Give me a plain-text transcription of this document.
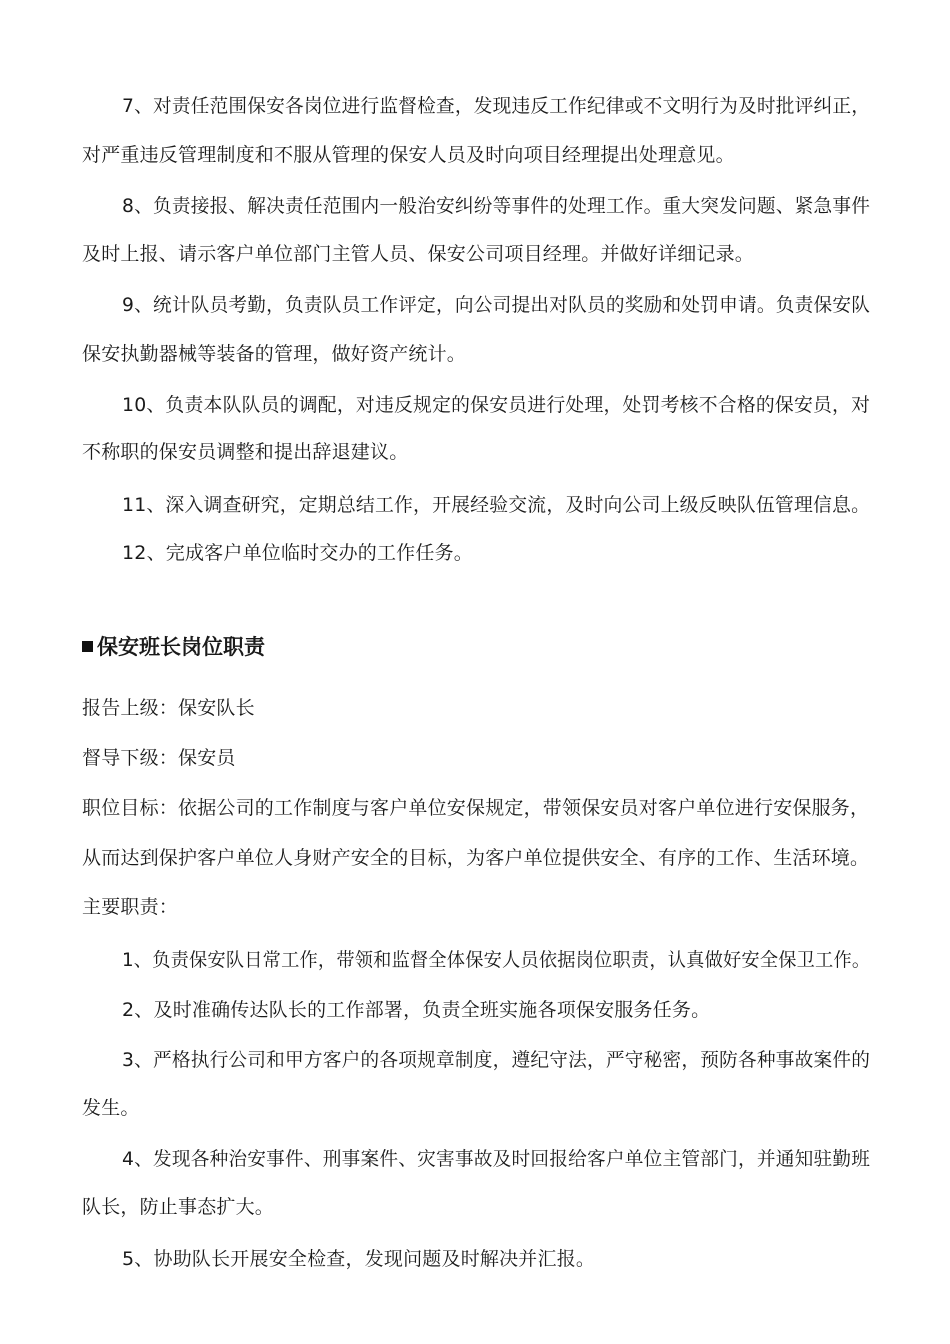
7、对责任范围保安各岗位进行监督检查，发现违反工作纪律或不文明行为及时批评纠正，
对严重违反管理制度和不服从管理的保安人员及时向项目经理提出处理意见。
8、负责接报、解决责任范围内一般治安纠纷等事件的处理工作。重大突发问题、紧急事件
及时上报、请示客户单位部门主管人员、保安公司项目经理。并做好详细记录。
9、统计队员考勤，负责队员工作评定，向公司提出对队员的奖励和处罚申请。负责保安队
保安执勤器械等装备的管理，做好资产统计。
10、负责本队队员的调配，对违反规定的保安员进行处理，处罚考核不合格的保安员，对
不称职的保安员调整和提出辞退建议。
11、深入调查研究，定期总结工作，开展经验交流，及时向公司上级反映队伍管理信息。
12、完成客户单位临时交办的工作任务。
保安班长岗位职责
报告上级：保安队长
督导下级：保安员
职位目标：依据公司的工作制度与客户单位安保规定，带领保安员对客户单位进行安保服务，
从而达到保护客户单位人身财产安全的目标，为客户单位提供安全、有序的工作、生活环境。
主要职责：
1、负责保安队日常工作，带领和监督全体保安人员依据岗位职责，认真做好安全保卫工作。
2、及时准确传达队长的工作部署，负责全班实施各项保安服务任务。
3、严格执行公司和甲方客户的各项规章制度，遵纪守法，严守秘密，预防各种事故案件的
发生。
4、发现各种治安事件、刑事案件、灾害事故及时回报给客户单位主管部门，并通知驻勤班
队长，防止事态扩大。
5、协助队长开展安全检查，发现问题及时解决并汇报。
